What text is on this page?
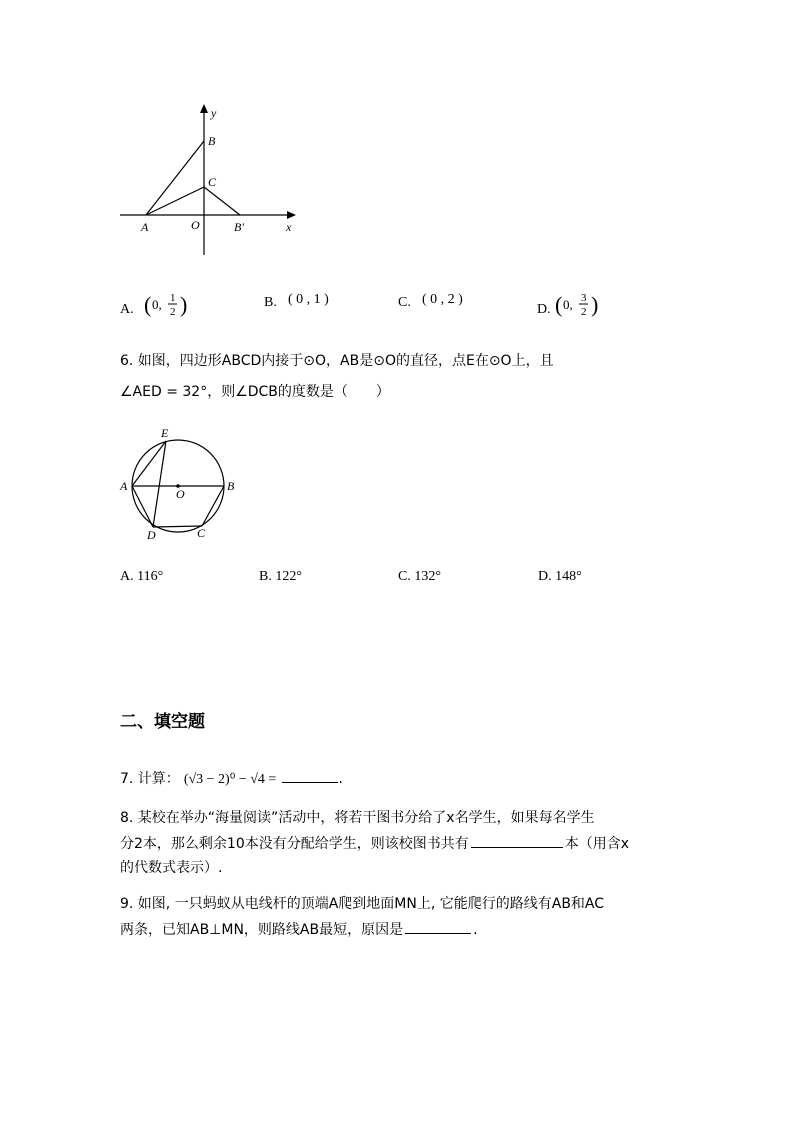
y
B
C
A	O	B′	x
A. ( 0, 1
2 )	B. ( 0 , 1 )	C. ( 0 , 2 )
D. ( 0, 3
2 )
6. 如图，四边形ABCD内接于⊙O，AB是⊙O的直径，点E在⊙O上，且
∠AED = 32°，则∠DCB的度数是（　　）
E
A
O
B
D	C
A. 116°	B. 122°	C. 132°	D. 148°
二、填空题
7. 计算： (√3 − 2)⁰ − √4 =	.
8. 某校在举办“海量阅读”活动中，将若干图书分给了x名学生，如果每名学生
分2本，那么剩余10本没有分配给学生，则该校图书共有	本（用含x
的代数式表示）.
9. 如图, 一只蚂蚁从电线杆的顶端A爬到地面MN上, 它能爬行的路线有AB和AC
两条，已知AB⊥MN，则路线AB最短，原因是	.
